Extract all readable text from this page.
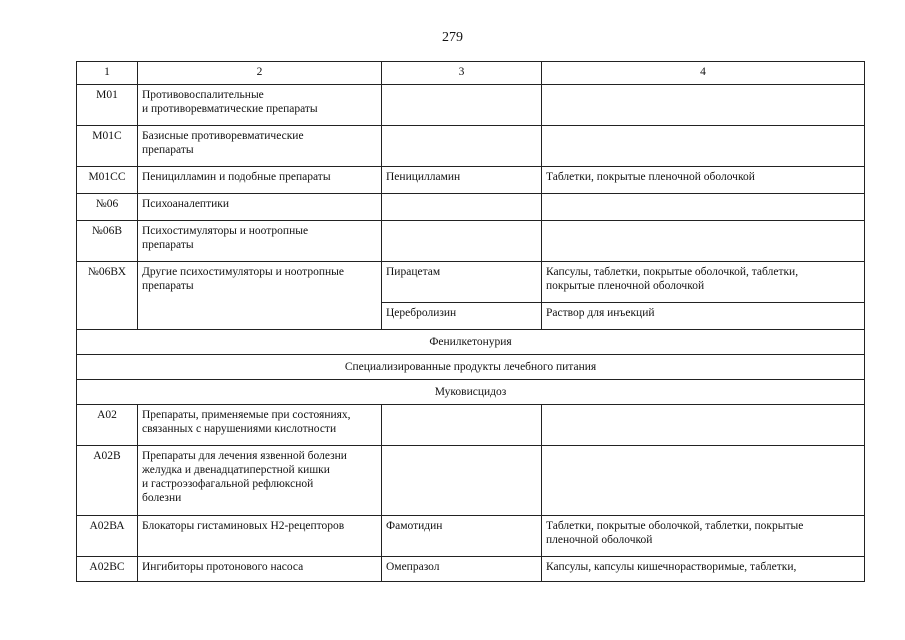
279
1	2	3	4
M01	Противовоспалительные
и противоревматические препараты		
M01C	Базисные противоревматические
препараты		
M01CC	Пеницилламин и подобные препараты	Пеницилламин	Таблетки, покрытые пленочной оболочкой
№06	Психоаналептики		
№06В	Психостимуляторы и ноотропные
препараты		
№06ВХ	Другие психостимуляторы и ноотропные
препараты	Пирацетам	Капсулы, таблетки, покрытые оболочкой, таблетки,
покрытые пленочной оболочкой
		Церебролизин	Раствор для инъекций
Фенилкетонурия			
Специализированные продукты лечебного питания			
Муковисцидоз			
А02	Препараты, применяемые при состояниях,
связанных с нарушениями кислотности		
А02В	Препараты для лечения язвенной болезни
желудка и двенадцатиперстной кишки
и гастроэзофагальной рефлюксной
болезни		
А02ВА	Блокаторы гистаминовых Н2-рецепторов	Фамотидин	Таблетки, покрытые оболочкой, таблетки, покрытые
пленочной оболочкой
А02ВС	Ингибиторы протонового насоса	Омепразол	Капсулы, капсулы кишечнорастворимые, таблетки,
